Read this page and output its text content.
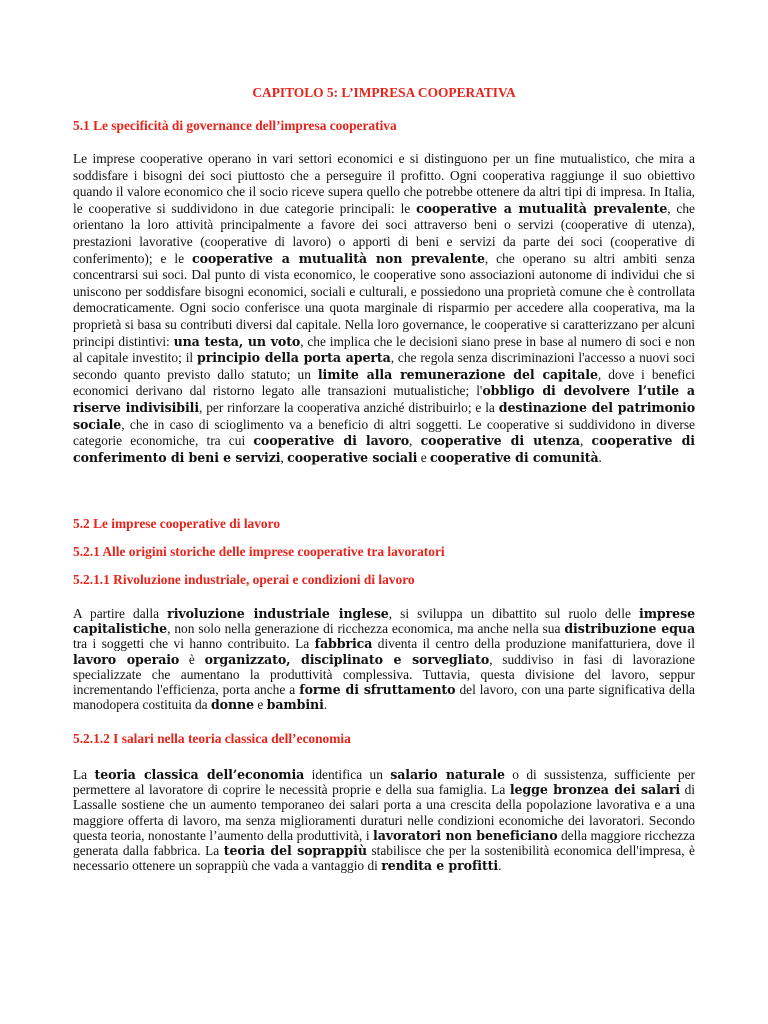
CAPITOLO 5: L’IMPRESA COOPERATIVA
5.1 Le specificità di governance dell’impresa cooperativa
Le imprese cooperative operano in vari settori economici e si distinguono per un fine mutualistico, che mira a soddisfare i bisogni dei soci piuttosto che a perseguire il profitto. Ogni cooperativa raggiunge il suo obiettivo quando il valore economico che il socio riceve supera quello che potrebbe ottenere da altri tipi di impresa. In Italia, le cooperative si suddividono in due categorie principali: le cooperative a mutualità prevalente, che orientano la loro attività principalmente a favore dei soci attraverso beni o servizi (cooperative di utenza), prestazioni lavorative (cooperative di lavoro) o apporti di beni e servizi da parte dei soci (cooperative di conferimento); e le cooperative a mutualità non prevalente, che operano su altri ambiti senza concentrarsi sui soci. Dal punto di vista economico, le cooperative sono associazioni autonome di individui che si uniscono per soddisfare bisogni economici, sociali e culturali, e possiedono una proprietà comune che è controllata democraticamente. Ogni socio conferisce una quota marginale di risparmio per accedere alla cooperativa, ma la proprietà si basa su contributi diversi dal capitale. Nella loro governance, le cooperative si caratterizzano per alcuni principi distintivi: una testa, un voto, che implica che le decisioni siano prese in base al numero di soci e non al capitale investito; il principio della porta aperta, che regola senza discriminazioni l'accesso a nuovi soci secondo quanto previsto dallo statuto; un limite alla remunerazione del capitale, dove i benefici economici derivano dal ristorno legato alle transazioni mutualistiche; l'obbligo di devolvere l’utile a riserve indivisibili, per rinforzare la cooperativa anziché distribuirlo; e la destinazione del patrimonio sociale, che in caso di scioglimento va a beneficio di altri soggetti. Le cooperative si suddividono in diverse categorie economiche, tra cui cooperative di lavoro, cooperative di utenza, cooperative di conferimento di beni e servizi, cooperative sociali e cooperative di comunità.
5.2 Le imprese cooperative di lavoro
5.2.1 Alle origini storiche delle imprese cooperative tra lavoratori
5.2.1.1 Rivoluzione industriale, operai e condizioni di lavoro
A partire dalla rivoluzione industriale inglese, si sviluppa un dibattito sul ruolo delle imprese capitalistiche, non solo nella generazione di ricchezza economica, ma anche nella sua distribuzione equa tra i soggetti che vi hanno contribuito. La fabbrica diventa il centro della produzione manifatturiera, dove il lavoro operaio è organizzato, disciplinato e sorvegliato, suddiviso in fasi di lavorazione specializzate che aumentano la produttività complessiva. Tuttavia, questa divisione del lavoro, seppur incrementando l'efficienza, porta anche a forme di sfruttamento del lavoro, con una parte significativa della manodopera costituita da donne e bambini.
5.2.1.2 I salari nella teoria classica dell’economia
La teoria classica dell’economia identifica un salario naturale o di sussistenza, sufficiente per permettere al lavoratore di coprire le necessità proprie e della sua famiglia. La legge bronzea dei salari di Lassalle sostiene che un aumento temporaneo dei salari porta a una crescita della popolazione lavorativa e a una maggiore offerta di lavoro, ma senza miglioramenti duraturi nelle condizioni economiche dei lavoratori. Secondo questa teoria, nonostante l’aumento della produttività, i lavoratori non beneficiano della maggiore ricchezza generata dalla fabbrica. La teoria del soprappiù stabilisce che per la sostenibilità economica dell'impresa, è necessario ottenere un soprappiù che vada a vantaggio di rendita e profitti.
